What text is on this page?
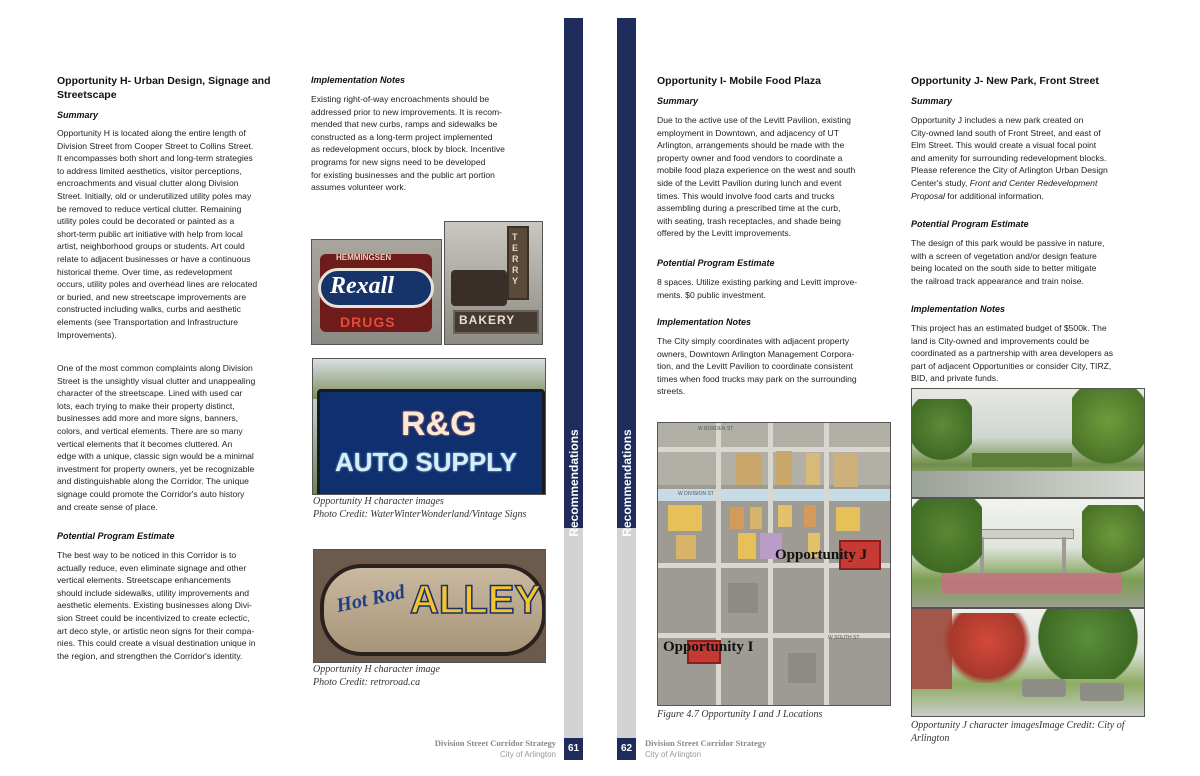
Opportunity H- Urban Design, Signage and
Streetscape
Summary
Opportunity H is located along the entire length of
Division Street from Cooper Street to Collins Street.
It encompasses both short and long-term strategies
to address limited aesthetics, visitor perceptions,
encroachments and visual clutter along Division
Street. Initially, old or underutilized utility poles may
be removed to reduce vertical clutter. Remaining
utility poles could be decorated or painted as a
short-term public art initiative with help from local
artist, neighborhood groups or students. Art could
relate to adjacent businesses or have a continuous
historical theme. Over time, as redevelopment
occurs, utility poles and overhead lines are relocated
or buried, and new streetscape improvements are
constructed including walks, curbs and aesthetic
elements (see Transportation and Infrastructure
Improvements).
One of the most common complaints along Division
Street is the unsightly visual clutter and unappealing
character of the streetscape. Lined with used car
lots, each trying to make their property distinct,
businesses add more and more signs, banners,
colors, and vertical elements. There are so many
vertical elements that it becomes cluttered. An
edge with a unique, classic sign would be a minimal
investment for property owners, yet be recognizable
and distinguishable along the Corridor. The unique
signage could promote the Corridor's auto history
and create sense of place.
Potential Program Estimate
The best way to be noticed in this Corridor is to
actually reduce, even eliminate signage and other
vertical elements. Streetscape enhancements
should include sidewalks, utility improvements and
aesthetic elements. Existing businesses along Divi-
sion Street could be incentivized to create eclectic,
art deco style, or artistic neon signs for their compa-
nies. This could create a visual destination unique in
the region, and strengthen the Corridor's identity.
Implementation Notes
Existing right-of-way encroachments should be
addressed prior to new improvements. It is recom-
mended that new curbs, ramps and sidewalks be
constructed as a long-term project implemented
as redevelopment occurs, block by block. Incentive
programs for new signs need to be developed
for existing businesses and the public art portion
assumes volunteer work.
HEMMINGSEN
Rexall
DRUGS
TERRY
BAKERY
R&G
AUTO SUPPLY
Opportunity H character images
Photo Credit: WaterWinterWonderland/Vintage Signs
Hot Rod ALLEY
Opportunity H character image
Photo Credit: retroroad.ca
Recommendations
61
Division Street Corridor Strategy
City of Arlington
Recommendations
62	Division Street Corridor Strategy
City of Arlington
Opportunity I- Mobile Food Plaza
Summary
Due to the active use of the Levitt Pavilion, existing
employment in Downtown, and adjacency of UT
Arlington, arrangements should be made with the
property owner and food vendors to coordinate a
mobile food plaza experience on the west and south
side of the Levitt Pavilion during lunch and event
times. This would involve food carts and trucks
assembling during a prescribed time at the curb,
with seating, trash receptacles, and shade being
offered by the Levitt improvements.
Potential Program Estimate
8 spaces. Utilize existing parking and Levitt improve-
ments. $0 public investment.
Implementation Notes
The City simply coordinates with adjacent property
owners, Downtown Arlington Management Corpora-
tion, and the Levitt Pavilion to coordinate consistent
times when food trucks may park on the surrounding
streets.
W BORDEN ST
W DIVISION ST
W SOUTH ST
Opportunity J
Opportunity I
Figure 4.7 Opportunity I and J Locations
Opportunity J- New Park, Front Street
Summary
Opportunity J includes a new park created on
City-owned land south of Front Street, and east of
Elm Street. This would create a visual focal point
and amenity for surrounding redevelopment blocks.
Please reference the City of Arlington Urban Design
Center's study, Front and Center Redevelopment
Proposal for additional information.
Potential Program Estimate
The design of this park would be passive in nature,
with a screen of vegetation and/or design feature
being located on the south side to better mitigate
the railroad track appearance and train noise.
Implementation Notes
This project has an estimated budget of $500k. The
land is City-owned and improvements could be
coordinated as a partnership with area developers as
part of adjacent Opportunities or consider City, TIRZ,
BID, and private funds.
Opportunity J character imagesImage Credit: City of
Arlington
